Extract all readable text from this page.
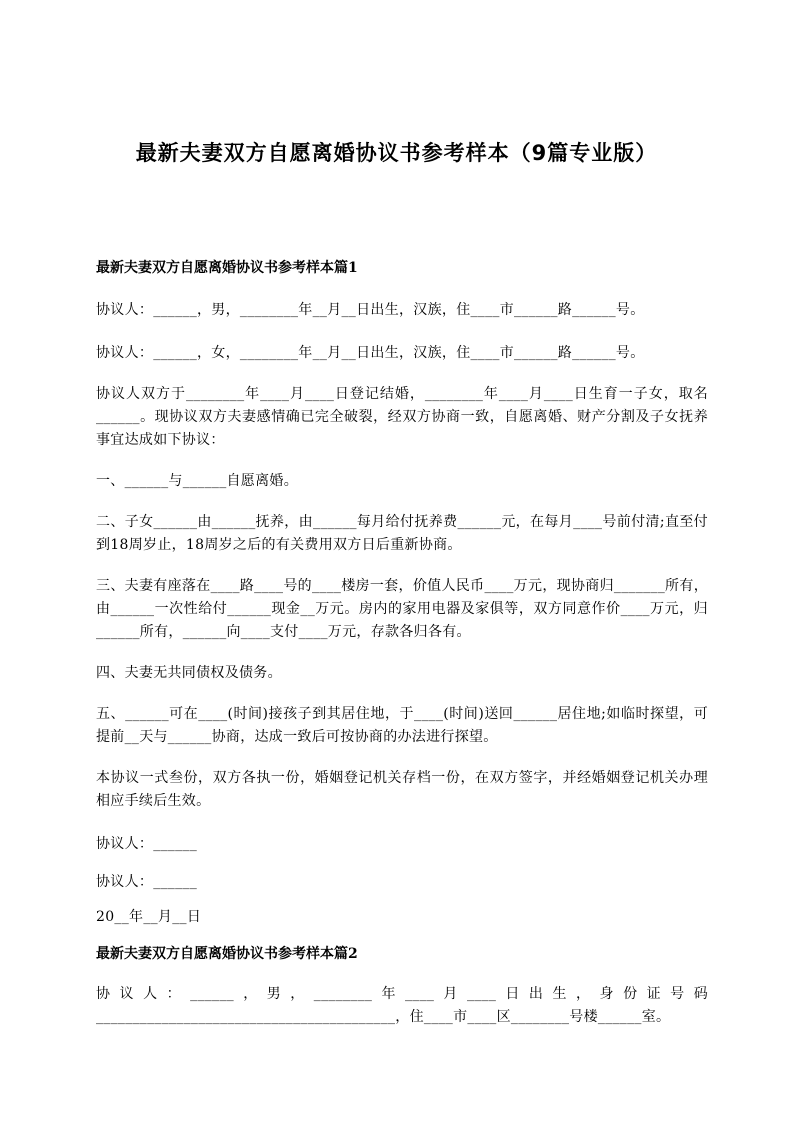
最新夫妻双方自愿离婚协议书参考样本（9篇专业版）

最新夫妻双方自愿离婚协议书参考样本篇1

协议人：______，男，________年__月__日出生，汉族，住____市______路______号。

协议人：______，女，________年__月__日出生，汉族，住____市______路______号。

协议人双方于________年____月____日登记结婚，________年____月____日生育一子女，取名______。现协议双方夫妻感情确已完全破裂，经双方协商一致，自愿离婚、财产分割及子女抚养事宜达成如下协议：

一、______与______自愿离婚。

二、子女______由______抚养，由______每月给付抚养费______元，在每月____号前付清;直至付到18周岁止，18周岁之后的有关费用双方日后重新协商。

三、夫妻有座落在____路____号的____楼房一套，价值人民币____万元，现协商归_______所有，由______一次性给付______现金__万元。房内的家用电器及家俱等，双方同意作价____万元，归______所有，______向____支付____万元，存款各归各有。

四、夫妻无共同债权及债务。

五、______可在____(时间)接孩子到其居住地，于____(时间)送回______居住地;如临时探望，可提前__天与______协商，达成一致后可按协商的办法进行探望。

本协议一式叁份，双方各执一份，婚姻登记机关存档一份，在双方签字，并经婚姻登记机关办理相应手续后生效。

协议人：______

协议人：______

20__年__月__日

最新夫妻双方自愿离婚协议书参考样本篇2

协议人：______，男，________年____月____日出生，身份证号码_________________________________________，住____市____区________号楼______室。
